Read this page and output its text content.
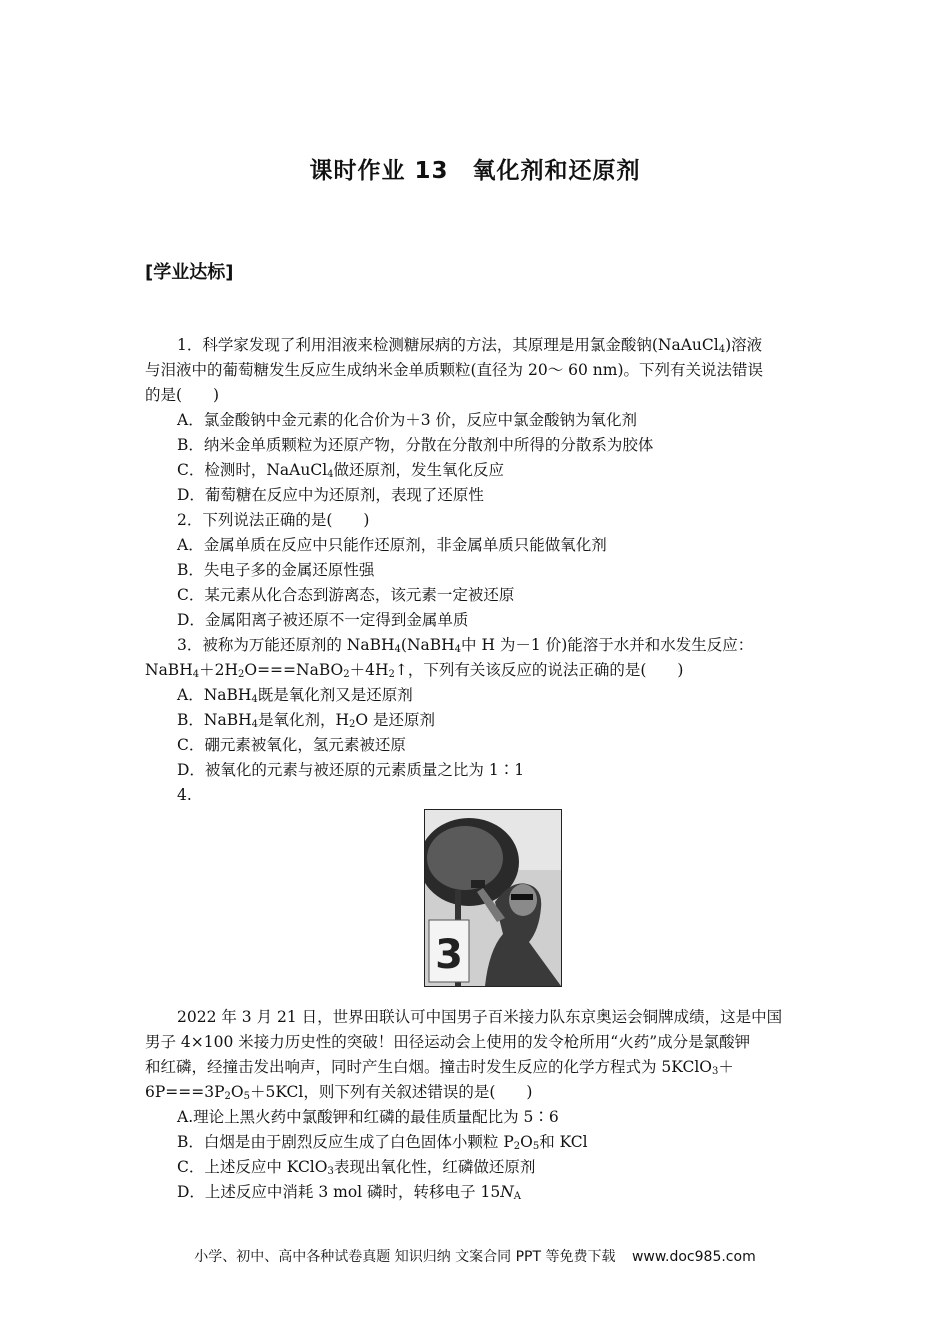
课时作业 13　氧化剂和还原剂
[学业达标]
1．科学家发现了利用泪液来检测糖尿病的方法，其原理是用氯金酸钠(NaAuCl$_4$)溶液
与泪液中的葡萄糖发生反应生成纳米金单质颗粒(直径为 20～ 60 nm)。下列有关说法错误
的是(　　)
A．氯金酸钠中金元素的化合价为＋3 价，反应中氯金酸钠为氧化剂
B．纳米金单质颗粒为还原产物，分散在分散剂中所得的分散系为胶体
C．检测时，NaAuCl$_4$做还原剂，发生氧化反应
D．葡萄糖在反应中为还原剂，表现了还原性
2．下列说法正确的是(　　)
A．金属单质在反应中只能作还原剂，非金属单质只能做氧化剂
B．失电子多的金属还原性强
C．某元素从化合态到游离态，该元素一定被还原
D．金属阳离子被还原不一定得到金属单质
3．被称为万能还原剂的 NaBH$_4$(NaBH$_4$中 H 为－1 价)能溶于水并和水发生反应：
$NaBH_4+2H_2O===NaBO_2+4H_2↑$，下列有关该反应的说法正确的是(　　)
A．NaBH$_4$既是氧化剂又是还原剂
B．NaBH$_4$是氧化剂，$H_2O$ 是还原剂
C．硼元素被氧化，氢元素被还原
D．被氧化的元素与被还原的元素质量之比为 1∶1
4.
3
2022 年 3 月 21 日，世界田联认可中国男子百米接力队东京奥运会铜牌成绩，这是中国
男子 4×100 米接力历史性的突破！田径运动会上使用的发令枪所用“火药”成分是氯酸钾
和红磷，经撞击发出响声，同时产生白烟。撞击时发生反应的化学方程式为 5KClO$_3$＋
$6P===3P_2O_5+5KCl$，则下列有关叙述错误的是(　　)
A.理论上黑火药中氯酸钾和红磷的最佳质量配比为 5∶6
B．白烟是由于剧烈反应生成了白色固体小颗粒 $P_2O_5$和 KCl
C．上述反应中 KClO$_3$表现出氧化性，红磷做还原剂
D．上述反应中消耗 3 mol 磷时，转移电子 $15N_A$
小学、初中、高中各种试卷真题 知识归纳 文案合同 PPT 等免费下载 www.doc985.com
